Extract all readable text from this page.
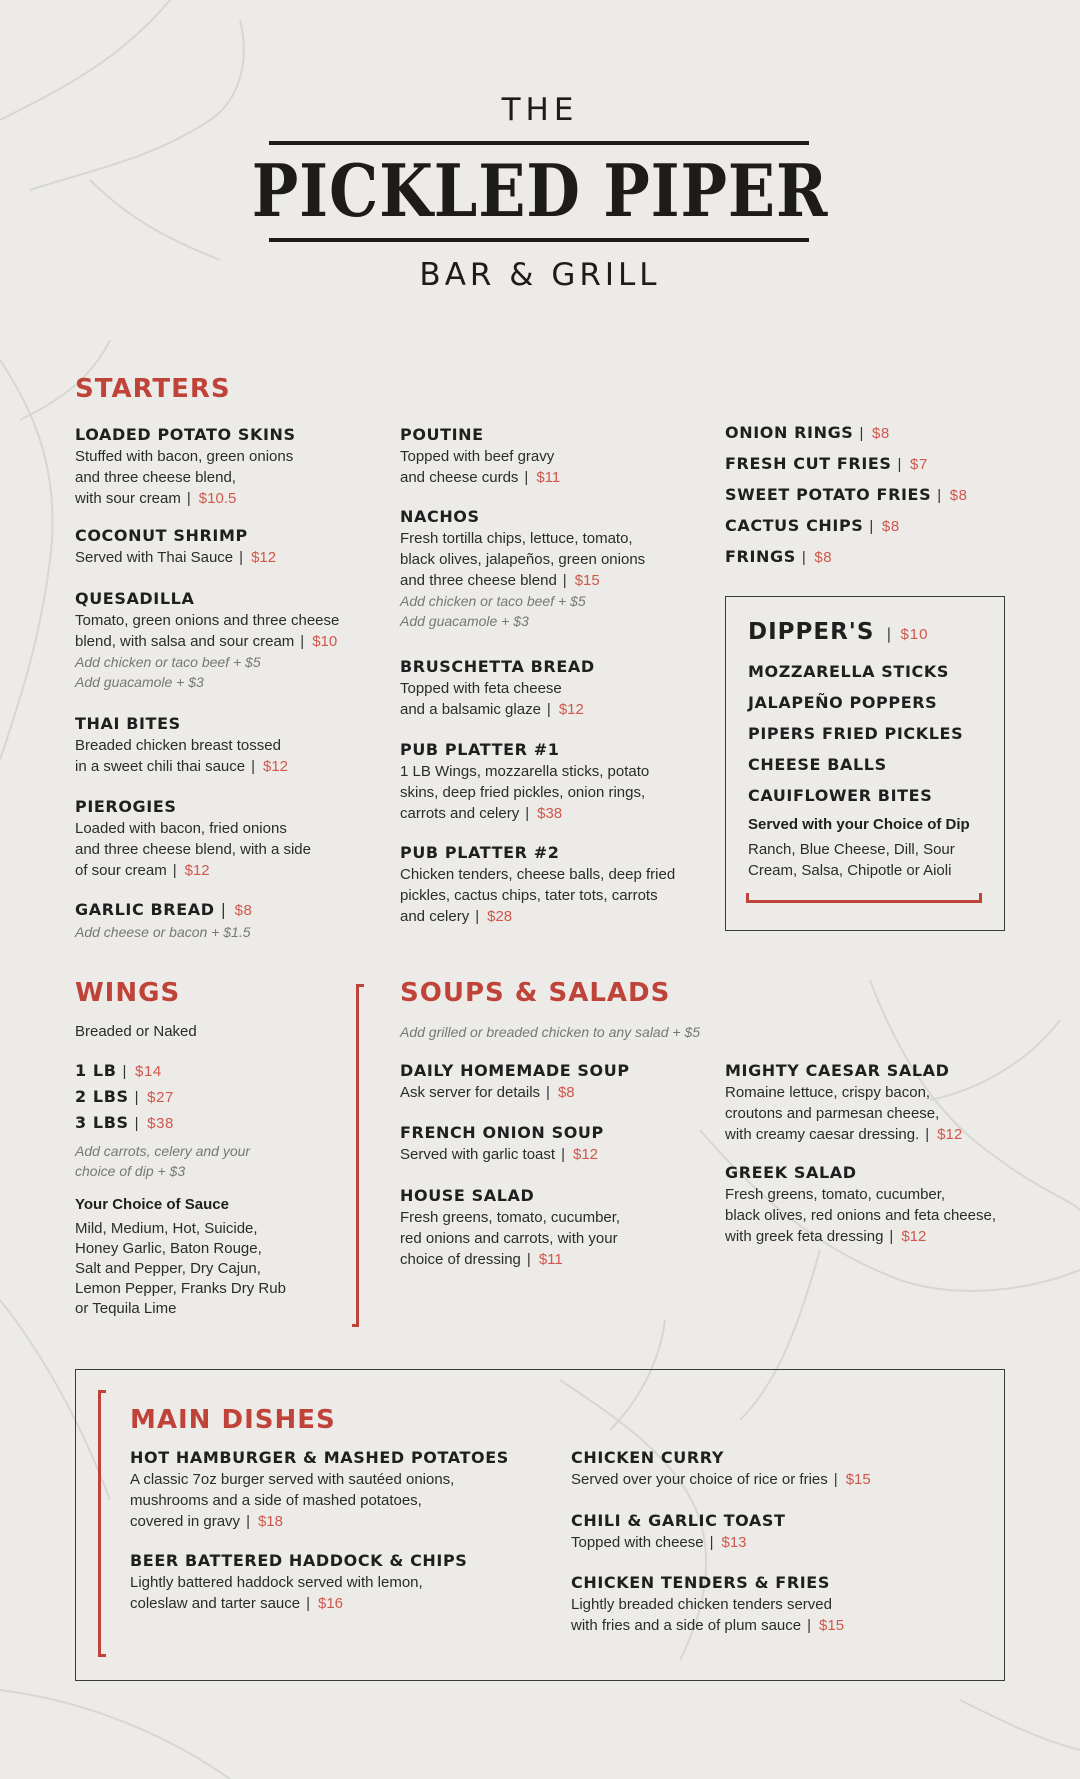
THE
PICKLED PIPER
BAR & GRILL
STARTERS
LOADED POTATO SKINS
Stuffed with bacon, green onions
and three cheese blend,
with sour cream | $10.5
COCONUT SHRIMP
Served with Thai Sauce | $12
QUESADILLA
Tomato, green onions and three cheese
blend, with salsa and sour cream | $10
Add chicken or taco beef + $5
Add guacamole + $3
THAI BITES
Breaded chicken breast tossed
in a sweet chili thai sauce | $12
PIEROGIES
Loaded with bacon, fried onions
and three cheese blend, with a side
of sour cream | $12
GARLIC BREAD | $8
Add cheese or bacon + $1.5
POUTINE
Topped with beef gravy
and cheese curds | $11
NACHOS
Fresh tortilla chips, lettuce, tomato,
black olives, jalapeños, green onions
and three cheese blend | $15
Add chicken or taco beef + $5
Add guacamole + $3
BRUSCHETTA BREAD
Topped with feta cheese
and a balsamic glaze | $12
PUB PLATTER #1
1 LB Wings, mozzarella sticks, potato
skins, deep fried pickles, onion rings,
carrots and celery | $38
PUB PLATTER #2
Chicken tenders, cheese balls, deep fried
pickles, cactus chips, tater tots, carrots
and celery | $28
ONION RINGS | $8
FRESH CUT FRIES | $7
SWEET POTATO FRIES | $8
CACTUS CHIPS | $8
FRINGS | $8
DIPPER'S | $10
MOZZARELLA STICKS
JALAPEÑO POPPERS
PIPERS FRIED PICKLES
CHEESE BALLS
CAUIFLOWER BITES
Served with your Choice of Dip
Ranch, Blue Cheese, Dill, Sour
Cream, Salsa, Chipotle or Aioli
WINGS
Breaded or Naked
1 LB | $14
2 LBS | $27
3 LBS | $38
Add carrots, celery and your
choice of dip + $3
Your Choice of Sauce
Mild, Medium, Hot, Suicide,
Honey Garlic, Baton Rouge,
Salt and Pepper, Dry Cajun,
Lemon Pepper, Franks Dry Rub
or Tequila Lime
SOUPS & SALADS
Add grilled or breaded chicken to any salad + $5
DAILY HOMEMADE SOUP
Ask server for details | $8
FRENCH ONION SOUP
Served with garlic toast | $12
HOUSE SALAD
Fresh greens, tomato, cucumber,
red onions and carrots, with your
choice of dressing | $11
MIGHTY CAESAR SALAD
Romaine lettuce, crispy bacon,
croutons and parmesan cheese,
with creamy caesar dressing. | $12
GREEK SALAD
Fresh greens, tomato, cucumber,
black olives, red onions and feta cheese,
with greek feta dressing | $12
MAIN DISHES
HOT HAMBURGER & MASHED POTATOES
A classic 7oz burger served with sautéed onions,
mushrooms and a side of mashed potatoes,
covered in gravy | $18
BEER BATTERED HADDOCK & CHIPS
Lightly battered haddock served with lemon,
coleslaw and tarter sauce | $16
CHICKEN CURRY
Served over your choice of rice or fries | $15
CHILI & GARLIC TOAST
Topped with cheese | $13
CHICKEN TENDERS & FRIES
Lightly breaded chicken tenders served
with fries and a side of plum sauce | $15
